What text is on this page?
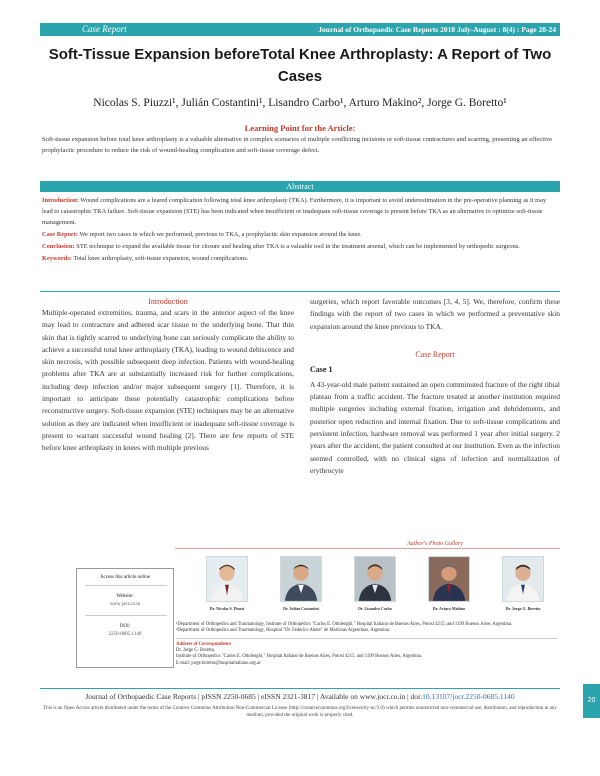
Case Report	Journal of Orthopaedic Case Reports 2018 July-August : 8(4) : Page 20-24
Soft-Tissue Expansion beforeTotal Knee Arthroplasty: A Report of Two Cases
Nicolas S. Piuzzi¹, Julián Costantini¹, Lisandro Carbo¹, Arturo Makino², Jorge G. Boretto¹
Learning Point for the Article:
Soft-tissue expansion before total knee arthroplasty is a valuable alternative in complex scenarios of multiple conflicting incisions or soft-tissue contractures and scarring, presenting an effective prophylactic procedure to reduce the risk of wound-healing complication and soft-tissue coverage defect.
Abstract

Introduction: Wound complications are a feared complication following total knee arthroplasty (TKA). Furthermore, it is important to avoid underestimation in the pre-operative planning as it may lead to catastrophic TKA failure. Soft-tissue expansion (STE) has been indicated when insufficient or inadequate soft-tissue coverage is present before TKA as an alternative to optimize soft-tissue management.

Case Report: We report two cases in which we performed, previous to TKA, a prophylactic skin expansion around the knee.

Conclusion: STE technique to expand the available tissue for closure and healing after TKA is a valuable tool in the treatment arsenal, which can be implemented by orthopedic surgeons.

Keywords: Total knee arthroplasty, soft-tissue expansion, wound complications.

Introduction
Multiple-operated extremities, trauma, and scars in the anterior aspect of the knee may lead to contracture and adhered scar tissue to the underlying bone. That thin skin that is tightly scarred to underlying bone can seriously complicate the ability to achieve a successful total knee arthroplasty (TKA), leading to wound dehiscence and skin necrosis, with possible subsequent deep infection. Patients with wound-healing problems after TKA are at substantially increased risk for further complications, including deep infection and/or major subsequent surgery [1]. Therefore, it is important to anticipate these potentially catastrophic complications before reconstructive surgery. Soft-tissue expansion (STE) techniques may be an alternative solution as they are indicated when insufficient or inadequate soft-tissue coverage is present to warrant successful wound healing [2]. There are few reports of STE before knee arthroplasty in knees with multiple previous
surgeries, which report favorable outcomes [3, 4, 5]. We, therefore, confirm these findings with the report of two cases in which we performed a preventative skin expansion around the knee previous to TKA.
Case Report
Case 1
A 43-year-old male patient sustained an open comminuted fracture of the right tibial plateau from a traffic accident. The fracture treated at another institution required multiple surgeries including external fixation, irrigation and debridements, and posterior open reduction and internal fixation. Due to soft-tissue complications and persistent infection, hardware removal was performed 1 year after initial surgery. 2 years after the accident, the patient consulted at our institution. Even as the infection seemed controlled, with no clinical signs of infection and normalization of erythrocyte
Author's Photo Gallery
Access this article online
Website:
www.jocr.co.in
DOI:
2250-0685.1140
Dr. Nicolas S. Piuzzi	Dr. Julián Costantini	Dr. Lisandro Carbo	Dr. Arturo Makino	Dr. Jorge G. Boretto
¹Department of Orthopedics and Traumatology, Institute of Orthopedics "Carlos E. Ottolenghi," Hospital Italiano de Buenos Aires, Potosí 4215, and 1199 Buenos Aires, Argentina.
²Department of Orthopedics and Traumatology, Hospital "Dr. Federico Abete" de Malvinas Argentinas, Argentina.
Address of Correspondence
Dr. Jorge G. Boretto,
Institute of Orthopedics "Carlos E. Ottolenghi," Hospital Italiano de Buenos Aires, Potosí 4215, and 1199 Buenos Aires, Argentina.
E-mail: jorge.boretto@hospitalitaliano.org.ar
Journal of Orthopaedic Case Reports | pISSN 2250-0685 | eISSN 2321-3817 | Available on www.jocr.co.in | doi:10.13107/jocr.2250-0685.1140
This is an Open Access article distributed under the terms of the Creative Commons Attribution Non-Commercial License (http://creativecommons.org/licenses/by-nc/3.0) which permits unrestricted non-commercial use, distribution, and reproduction in any medium, provided the original work is properly cited.
20
